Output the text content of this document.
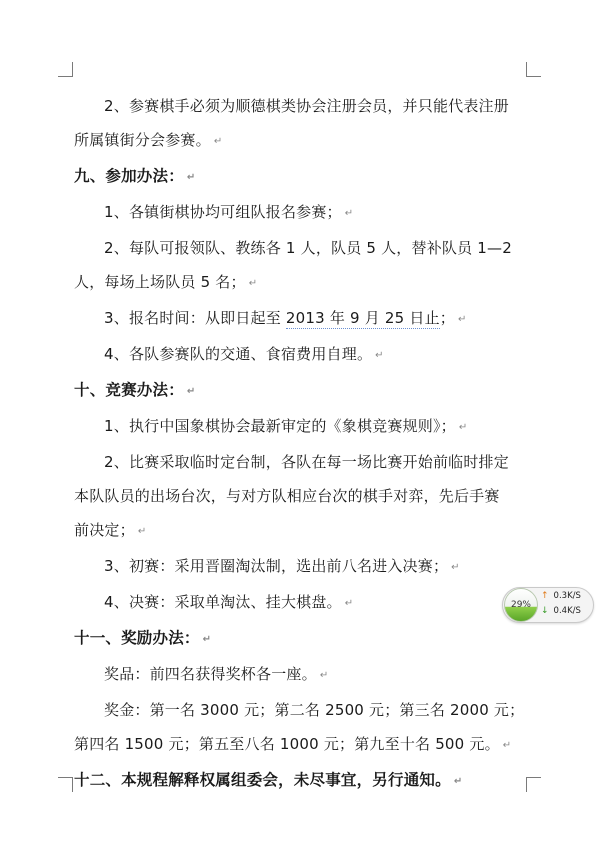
2、参赛棋手必须为顺德棋类协会注册会员，并只能代表注册

所属镇街分会参赛。 ↵

九、参加办法： ↵

1、各镇街棋协均可组队报名参赛； ↵

2、每队可报领队、教练各 1 人，队员 5 人，替补队员 1—2

人，每场上场队员 5 名； ↵

3、报名时间：从即日起至 2013 年 9 月 25 日止； ↵

4、各队参赛队的交通、食宿费用自理。 ↵

十、竞赛办法： ↵

1、执行中国象棋协会最新审定的《象棋竞赛规则》； ↵

2、比赛采取临时定台制，各队在每一场比赛开始前临时排定

本队队员的出场台次，与对方队相应台次的棋手对弈，先后手赛

前决定； ↵

3、初赛：采用晋圈淘汰制，选出前八名进入决赛； ↵

4、决赛：采取单淘汰、挂大棋盘。 ↵

十一、奖励办法： ↵

奖品：前四名获得奖杯各一座。 ↵

奖金：第一名 3000 元；第二名 2500 元；第三名 2000 元；

第四名 1500 元；第五至八名 1000 元；第九至十名 500 元。 ↵

十二、本规程解释权属组委会，未尽事宜，另行通知。 ↵

29%
↑ 0.3K/S
↓ 0.4K/S
